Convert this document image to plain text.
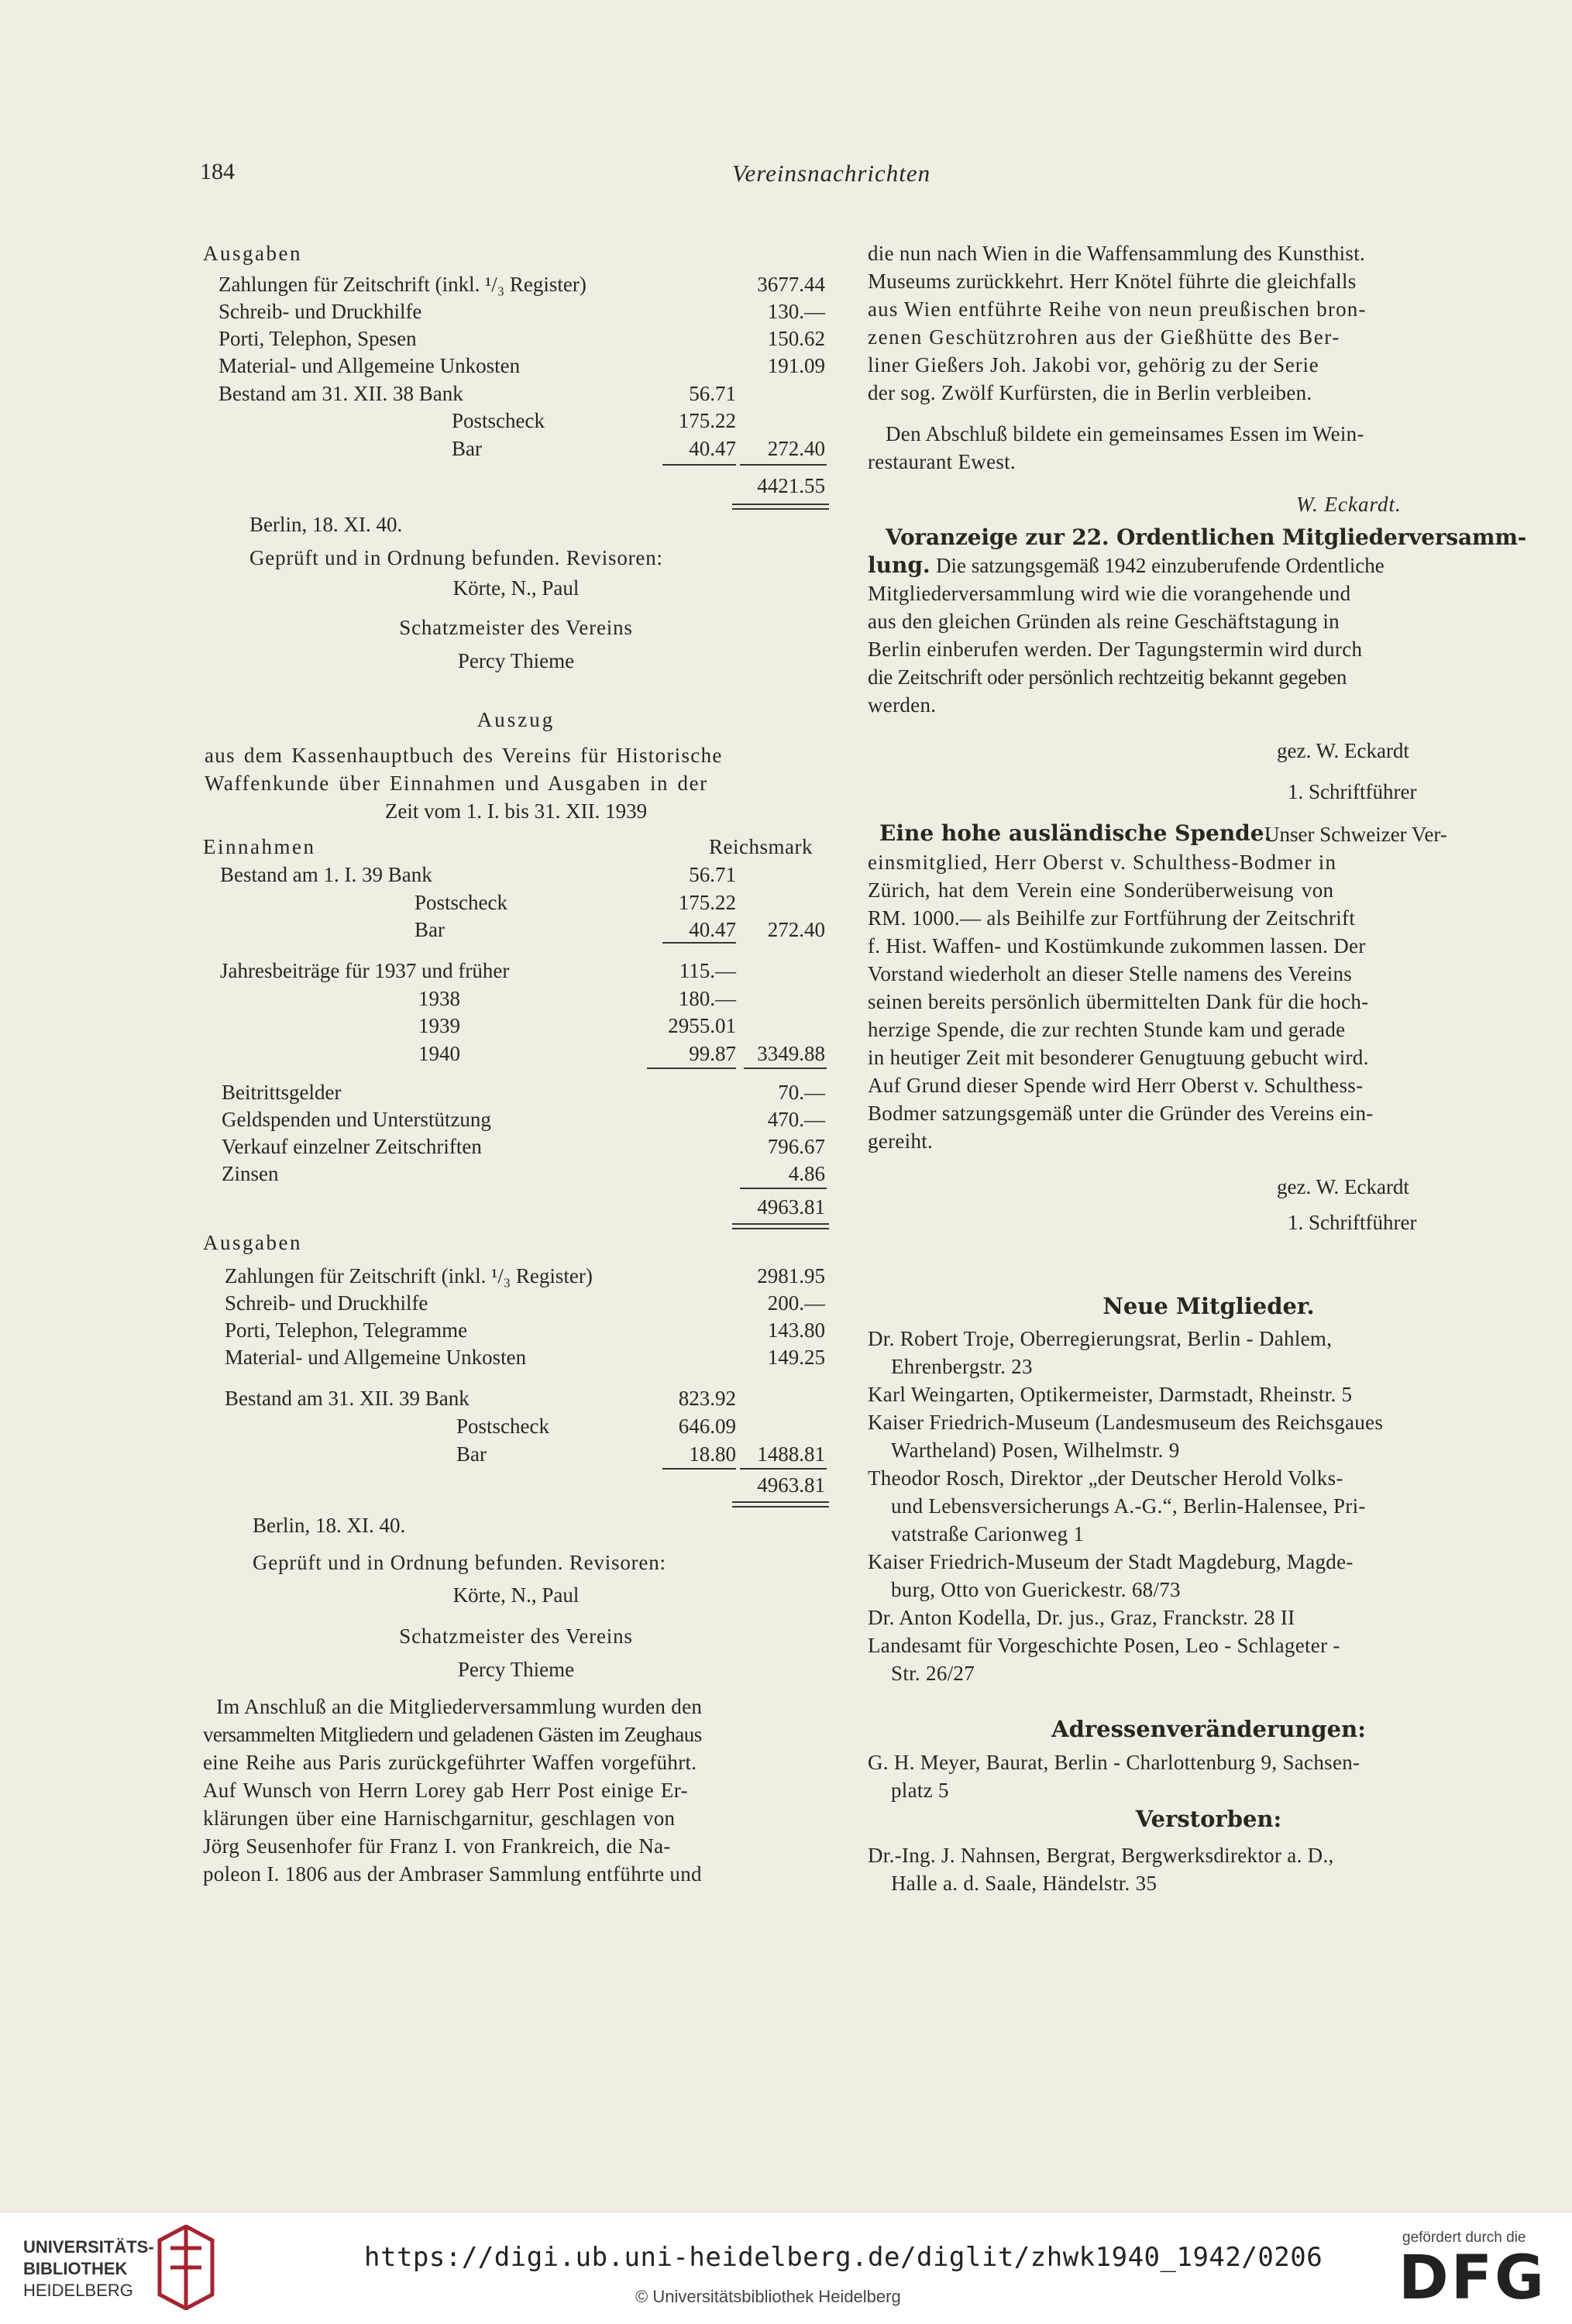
184	Vereinsnachrichten
Ausgaben
Zahlungen für Zeitschrift (inkl. ¹/₃ Register)	3677.44
Schreib- und Druckhilfe	130.—
Porti, Telephon, Spesen	150.62
Material- und Allgemeine Unkosten	191.09
Bestand am 31. XII. 38 Bank	56.71
Postscheck	175.22
Bar	40.47	272.40
4421.55
Berlin, 18. XI. 40.
Geprüft und in Ordnung befunden. Revisoren:
Körte, N., Paul
Schatzmeister des Vereins
Percy Thieme
Auszug
aus dem Kassenhauptbuch des Vereins für Historische
Waffenkunde über Einnahmen und Ausgaben in der
Zeit vom 1. I. bis 31. XII. 1939
Einnahmen	Reichsmark
Bestand am 1. I. 39 Bank	56.71
Postscheck	175.22
Bar	40.47	272.40
Jahresbeiträge für 1937 und früher	115.—
1938	180.—
1939	2955.01
1940	99.87	3349.88
Beitrittsgelder	70.—
Geldspenden und Unterstützung	470.—
Verkauf einzelner Zeitschriften	796.67
Zinsen	4.86
4963.81
Ausgaben
Zahlungen für Zeitschrift (inkl. ¹/₃ Register)	2981.95
Schreib- und Druckhilfe	200.—
Porti, Telephon, Telegramme	143.80
Material- und Allgemeine Unkosten	149.25
Bestand am 31. XII. 39 Bank	823.92
Postscheck	646.09
Bar	18.80	1488.81
4963.81
Berlin, 18. XI. 40.
Geprüft und in Ordnung befunden. Revisoren:
Körte, N., Paul
Schatzmeister des Vereins
Percy Thieme
Im Anschluß an die Mitgliederversammlung wurden den
versammelten Mitgliedern und geladenen Gästen im Zeughaus
eine Reihe aus Paris zurückgeführter Waffen vorgeführt.
Auf Wunsch von Herrn Lorey gab Herr Post einige Er-
klärungen über eine Harnischgarnitur, geschlagen von
Jörg Seusenhofer für Franz I. von Frankreich, die Na-
poleon I. 1806 aus der Ambraser Sammlung entführte und
die nun nach Wien in die Waffensammlung des Kunsthist.
Museums zurückkehrt. Herr Knötel führte die gleichfalls
aus Wien entführte Reihe von neun preußischen bron-
zenen Geschützrohren aus der Gießhütte des Ber-
liner Gießers Joh. Jakobi vor, gehörig zu der Serie
der sog. Zwölf Kurfürsten, die in Berlin verbleiben.
Den Abschluß bildete ein gemeinsames Essen im Wein-
restaurant Ewest.
W. Eckardt.
Voranzeige zur 22. Ordentlichen Mitgliederversamm-
lung. Die satzungsgemäß 1942 einzuberufende Ordentliche
Mitgliederversammlung wird wie die vorangehende und
aus den gleichen Gründen als reine Geschäftstagung in
Berlin einberufen werden. Der Tagungstermin wird durch
die Zeitschrift oder persönlich rechtzeitig bekannt gegeben
werden.
gez. W. Eckardt
1. Schriftführer
Eine hohe ausländische Spende.
Unser Schweizer Ver-
einsmitglied, Herr Oberst v. Schulthess-Bodmer in
Zürich, hat dem Verein eine Sonderüberweisung von
RM. 1000.— als Beihilfe zur Fortführung der Zeitschrift
f. Hist. Waffen- und Kostümkunde zukommen lassen. Der
Vorstand wiederholt an dieser Stelle namens des Vereins
seinen bereits persönlich übermittelten Dank für die hoch-
herzige Spende, die zur rechten Stunde kam und gerade
in heutiger Zeit mit besonderer Genugtuung gebucht wird.
Auf Grund dieser Spende wird Herr Oberst v. Schulthess-
Bodmer satzungsgemäß unter die Gründer des Vereins ein-
gereiht.
gez. W. Eckardt
1. Schriftführer
Neue Mitglieder.
Dr. Robert Troje, Oberregierungsrat, Berlin - Dahlem,
Ehrenbergstr. 23
Karl Weingarten, Optikermeister, Darmstadt, Rheinstr. 5
Kaiser Friedrich-Museum (Landesmuseum des Reichsgaues
Wartheland) Posen, Wilhelmstr. 9
Theodor Rosch, Direktor „der Deutscher Herold Volks-
und Lebensversicherungs A.-G.“, Berlin-Halensee, Pri-
vatstraße Carionweg 1
Kaiser Friedrich-Museum der Stadt Magdeburg, Magde-
burg, Otto von Guerickestr. 68/73
Dr. Anton Kodella, Dr. jus., Graz, Franckstr. 28 II
Landesamt für Vorgeschichte Posen, Leo - Schlageter -
Str. 26/27
Adressenveränderungen:
G. H. Meyer, Baurat, Berlin - Charlottenburg 9, Sachsen-
platz 5
Verstorben:
Dr.-Ing. J. Nahnsen, Bergrat, Bergwerksdirektor a. D.,
Halle a. d. Saale, Händelstr. 35
UNIVERSITÄTS-
BIBLIOTHEK
HEIDELBERG
https://digi.ub.uni-heidelberg.de/diglit/zhwk1940_1942/0206
© Universitätsbibliothek Heidelberg
gefördert durch die
DFG
